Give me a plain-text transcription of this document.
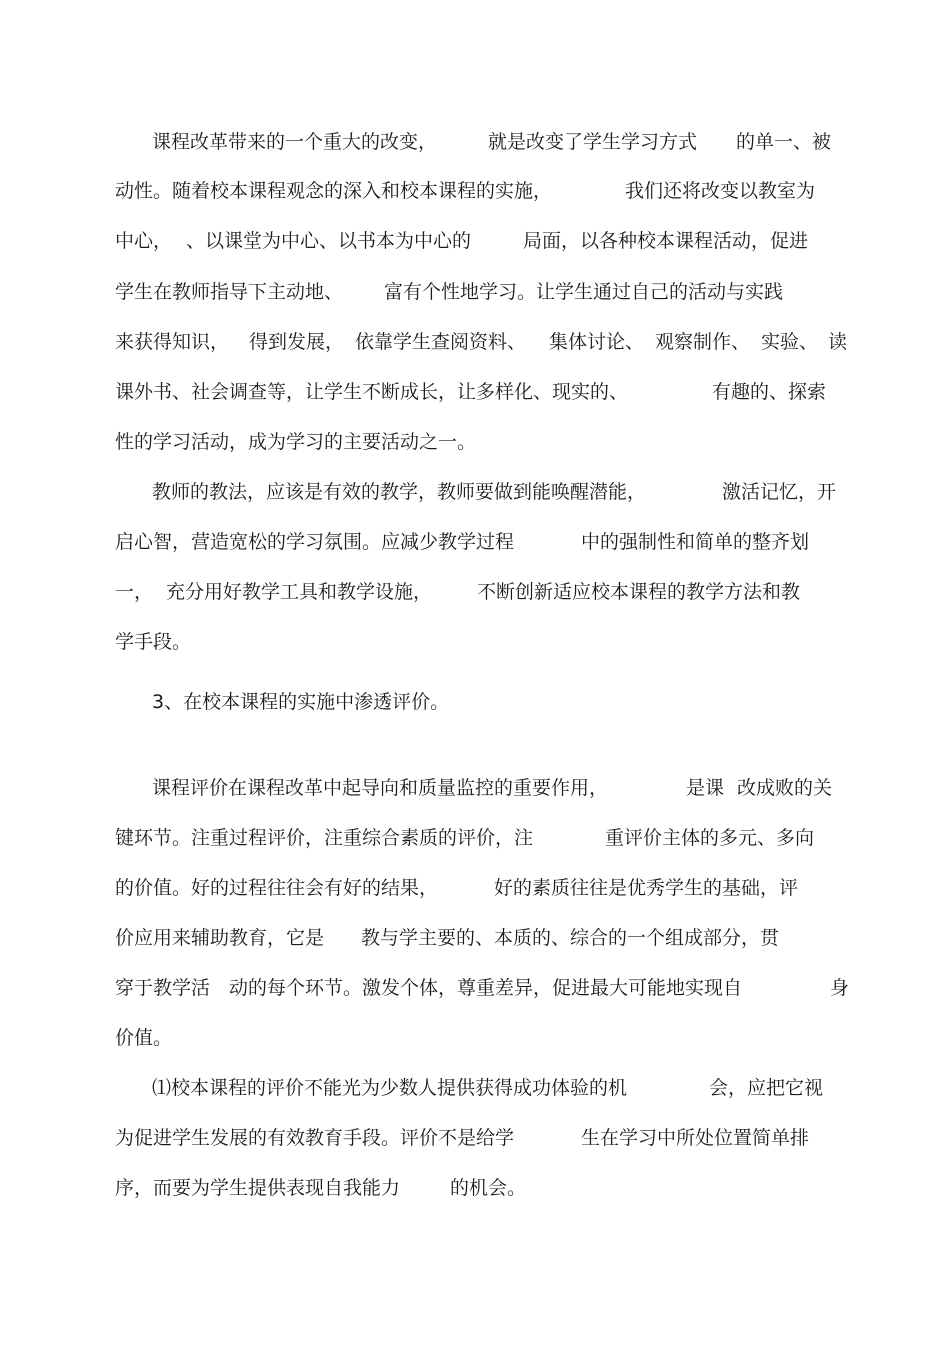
课程改革带来的一个重大的改变，	就是改变了学生学习方式 的单一、被
动性。随着校本课程观念的深入和校本课程的实施，	我们还将改变以教室为
中心， 、以课堂为中心、以书本为中心的	局面，以各种校本课程活动，促进
学生在教师指导下主动地、 富有个性地学习。让学生通过自己的活动与实践
来获得知识， 得到发展， 依靠学生查阅资料、 集体讨论、 观察制作、 实验、 读
课外书、社会调查等，让学生不断成长，让多样化、现实的、	有趣的、探索
性的学习活动，成为学习的主要活动之一。
教师的教法，应该是有效的教学，教师要做到能唤醒潜能，	激活记忆，开
启心智，营造宽松的学习氛围。应减少教学过程	中的强制性和简单的整齐划
一， 充分用好教学工具和教学设施， 不断创新适应校本课程的教学方法和教
学手段。
3、在校本课程的实施中渗透评价。
课程评价在课程改革中起导向和质量监控的重要作用，	是课 改成败的关
键环节。注重过程评价，注重综合素质的评价，注	重评价主体的多元、多向
的价值。好的过程往往会有好的结果，	好的素质往往是优秀学生的基础，评
价应用来辅助教育，它是 教与学主要的、本质的、综合的一个组成部分，贯
穿于教学活 动的每个环节。激发个体，尊重差异，促进最大可能地实现自	身
价值。
⑴校本课程的评价不能光为少数人提供获得成功体验的机	会，应把它视
为促进学生发展的有效教育手段。评价不是给学	生在学习中所处位置简单排
序，而要为学生提供表现自我能力	的机会。
